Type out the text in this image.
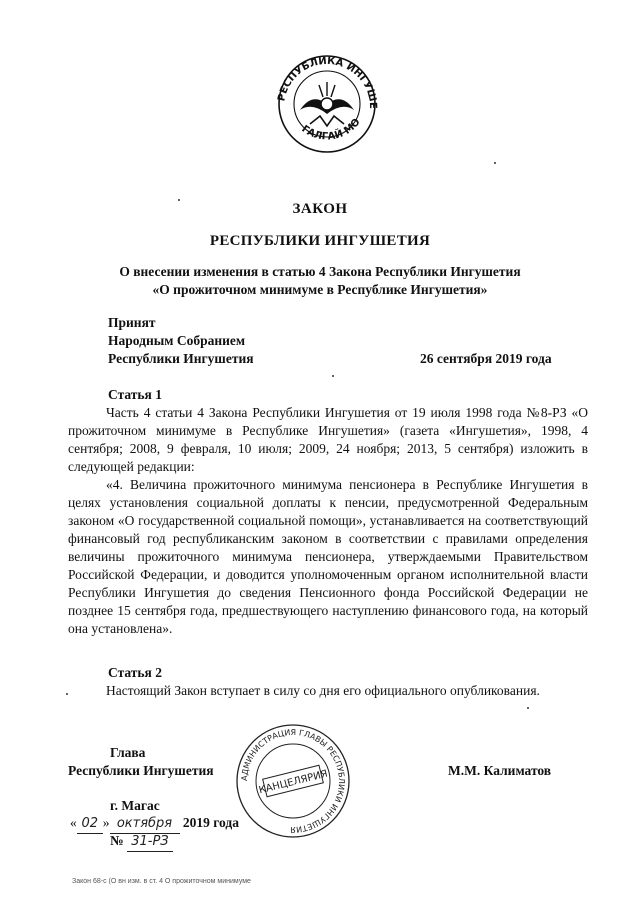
РЕСПУБЛИКА ИНГУШЕ
ГАЛГАЙ МО
ЗАКОН
РЕСПУБЛИКИ ИНГУШЕТИЯ
О внесении изменения в статью 4 Закона Республики Ингушетия
«О прожиточном минимуме в Республике Ингушетия»
Принят
Народным Собранием
Республики Ингушетия	26 сентября 2019 года
Статья 1
Часть 4 статьи 4 Закона Республики Ингушетия от 19 июля 1998 года №8-РЗ «О прожиточном минимуме в Республике Ингушетия» (газета «Ингушетия», 1998, 4 сентября; 2008, 9 февраля, 10 июля; 2009, 24 ноября; 2013, 5 сентября) изложить в следующей редакции:
«4. Величина прожиточного минимума пенсионера в Республике Ингушетия в целях установления социальной доплаты к пенсии, предусмотренной Федеральным законом «О государственной социальной помощи», устанавливается на соответствующий финансовый год республиканским законом в соответствии с правилами определения величины прожиточного минимума пенсионера, утверждаемыми Правительством Российской Федерации, и доводится уполномоченным органом исполнительной власти Республики Ингушетия до сведения Пенсионного фонда Российской Федерации не позднее 15 сентября года, предшествующего наступлению финансового года, на который она установлена».
Статья 2
Настоящий Закон вступает в силу со дня его официального опубликования.
Глава
Республики Ингушетия	М.М. Калиматов
г. Магас
« 02 » октября 2019 года
№ 31-РЗ
АДМИНИСТРАЦИЯ ГЛАВЫ РЕСПУБЛИКИ ИНГУШЕТИЯ
КАНЦЕЛЯРИЯ
Закон 68-с (О вн изм. в ст. 4 О прожиточном минимуме
